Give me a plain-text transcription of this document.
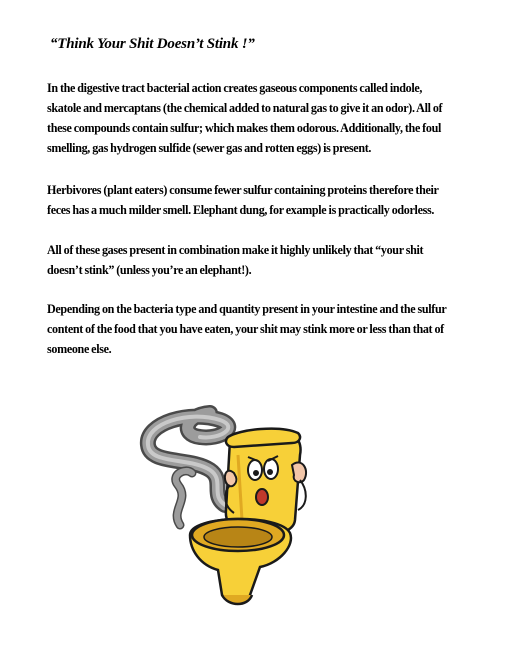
“Think Your Shit Doesn’t Stink !”
In the digestive tract bacterial action creates gaseous components called indole, skatole and mercaptans (the chemical added to natural gas to give it an odor). All of these compounds contain sulfur; which makes them odorous. Additionally, the foul smelling, gas hydrogen sulfide (sewer gas and rotten eggs) is present.
Herbivores (plant eaters) consume fewer sulfur containing proteins therefore their feces has a much milder smell. Elephant dung, for example is practically odorless.
All of these gases present in combination make it highly unlikely that “your shit doesn’t stink” (unless you’re an elephant!).
Depending on the bacteria type and quantity present in your intestine and the sulfur content of the food that you have eaten, your shit may stink more or less than that of someone else.
